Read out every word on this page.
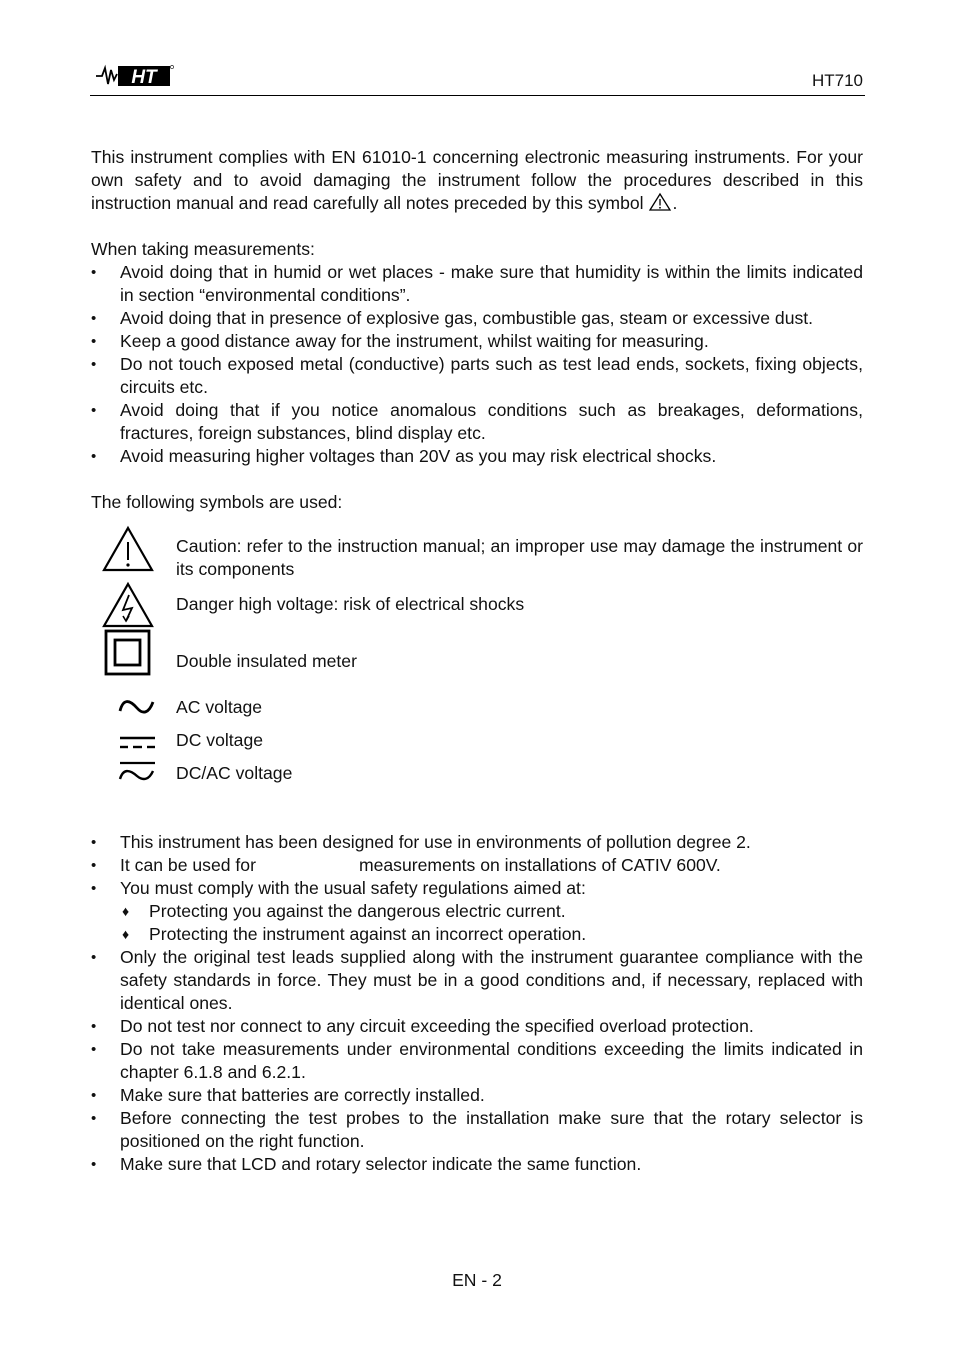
HT	HT710

This instrument complies with EN 61010-1 concerning electronic measuring instruments. For your own safety and to avoid damaging the instrument follow the procedures described in this instruction manual and read carefully all notes preceded by this symbol .

When taking measurements:

• Avoid doing that in humid or wet places - make sure that humidity is within the limits indicated in section “environmental conditions”.
• Avoid doing that in presence of explosive gas, combustible gas, steam or excessive dust.
• Keep a good distance away for the instrument, whilst waiting for measuring.
• Do not touch exposed metal (conductive) parts such as test lead ends, sockets, fixing objects, circuits etc.
• Avoid doing that if you notice anomalous conditions such as breakages, deformations, fractures, foreign substances, blind display etc.
• Avoid measuring higher voltages than 20V as you may risk electrical shocks.

The following symbols are used:

Caution: refer to the instruction manual; an improper use may damage the instrument or its components

Danger high voltage: risk of electrical shocks

Double insulated meter

AC voltage

DC voltage

DC/AC voltage

• This instrument has been designed for use in environments of pollution degree 2.
• It can be used for	measurements on installations of CATIV 600V.
• You must comply with the usual safety regulations aimed at:
♦ Protecting you against the dangerous electric current.
♦ Protecting the instrument against an incorrect operation.
• Only the original test leads supplied along with the instrument guarantee compliance with the safety standards in force. They must be in a good conditions and, if necessary, replaced with identical ones.
• Do not test nor connect to any circuit exceeding the specified overload protection.
• Do not take measurements under environmental conditions exceeding the limits indicated in chapter 6.1.8 and 6.2.1.
• Make sure that batteries are correctly installed.
• Before connecting the test probes to the installation make sure that the rotary selector is positioned on the right function.
• Make sure that LCD and rotary selector indicate the same function.
EN - 2
